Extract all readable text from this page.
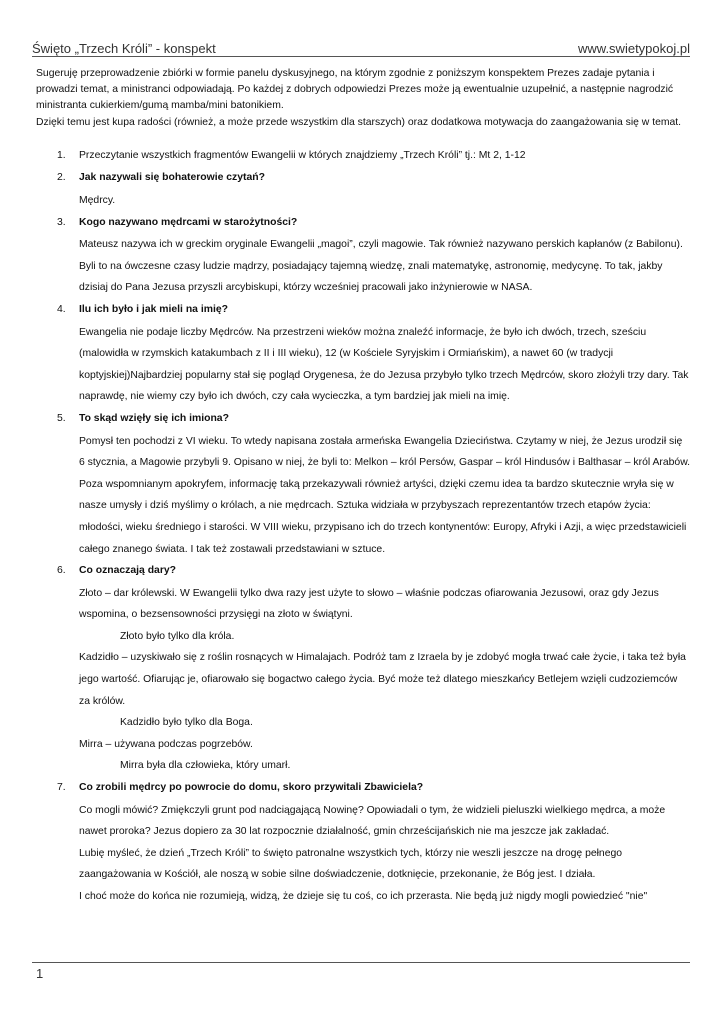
Święto „Trzech Króli” - konspekt	www.swietypokoj.pl

Sugeruję przeprowadzenie zbiórki w formie panelu dyskusyjnego, na którym zgodnie z poniższym konspektem Prezes zadaje pytania i prowadzi temat, a ministranci odpowiadają. Po każdej z dobrych odpowiedzi Prezes może ją ewentualnie uzupełnić, a następnie nagrodzić ministranta cukierkiem/gumą mamba/mini batonikiem.

Dzięki temu jest kupa radości (również, a może przede wszystkim dla starszych) oraz dodatkowa motywacja do zaangażowania się w temat.

1. Przeczytanie wszystkich fragmentów Ewangelii w których znajdziemy „Trzech Króli” tj.: Mt 2, 1-12
2. Jak nazywali się bohaterowie czytań?

Mędrcy.

3. Kogo nazywano mędrcami w starożytności?

Mateusz nazywa ich w greckim oryginale Ewangelii „magoi”, czyli magowie. Tak również nazywano perskich kapłanów (z Babilonu). Byli to na ówczesne czasy ludzie mądrzy, posiadający tajemną wiedzę, znali matematykę, astronomię, medycynę. To tak, jakby dzisiaj do Pana Jezusa przyszli arcybiskupi, którzy wcześniej pracowali jako inżynierowie w NASA.

4. Ilu ich było i jak mieli na imię?

Ewangelia nie podaje liczby Mędrców. Na przestrzeni wieków można znaleźć informacje, że było ich dwóch, trzech, sześciu (malowidła w rzymskich katakumbach z II i III wieku), 12 (w Kościele Syryjskim i Ormiańskim), a nawet 60 (w tradycji koptyjskiej)Najbardziej popularny stał się pogląd Orygenesa, że do Jezusa przybyło tylko trzech Mędrców, skoro złożyli trzy dary. Tak naprawdę, nie wiemy czy było ich dwóch, czy cała wycieczka, a tym bardziej jak mieli na imię.

5. To skąd wzięły się ich imiona?

Pomysł ten pochodzi z VI wieku. To wtedy napisana została armeńska Ewangelia Dzieciństwa. Czytamy w niej, że Jezus urodził się 6 stycznia, a Magowie przybyli 9. Opisano w niej, że byli to: Melkon – król Persów, Gaspar – król Hindusów i Balthasar – król Arabów. Poza wspomnianym apokryfem, informację taką przekazywali również artyści, dzięki czemu idea ta bardzo skutecznie wryła się w nasze umysły i dziś myślimy o królach, a nie mędrcach. Sztuka widziała w przybyszach reprezentantów trzech etapów życia: młodości, wieku średniego i starości. W VIII wieku, przypisano ich do trzech kontynentów: Europy, Afryki i Azji, a więc przedstawicieli całego znanego świata. I tak też zostawali przedstawiani w sztuce.

6. Co oznaczają dary?

Złoto – dar królewski. W Ewangelii tylko dwa razy jest użyte to słowo – właśnie podczas ofiarowania Jezusowi, oraz gdy Jezus wspomina, o bezsensowności przysięgi na złoto w świątyni.

Złoto było tylko dla króla.

Kadzidło – uzyskiwało się z roślin rosnących w Himalajach. Podróż tam z Izraela by je zdobyć mogła trwać całe życie, i taka też była jego wartość. Ofiarując je, ofiarowało się bogactwo całego życia. Być może też dlatego mieszkańcy Betlejem wzięli cudzoziemców za królów.

Kadzidło było tylko dla Boga.

Mirra – używana podczas pogrzebów.

Mirra była dla człowieka, który umarł.

7. Co zrobili mędrcy po powrocie do domu, skoro przywitali Zbawiciela?

Co mogli mówić? Zmiękczyli grunt pod nadciągającą Nowinę? Opowiadali o tym, że widzieli pieluszki wielkiego mędrca, a może nawet proroka? Jezus dopiero za 30 lat rozpocznie działalność, gmin chrześcijańskich nie ma jeszcze jak zakładać.

Lubię myśleć, że dzień „Trzech Króli” to święto patronalne wszystkich tych, którzy nie weszli jeszcze na drogę pełnego zaangażowania w Kościół, ale noszą w sobie silne doświadczenie, dotknięcie, przekonanie, że Bóg jest. I działa.

I choć może do końca nie rozumieją, widzą, że dzieje się tu coś, co ich przerasta. Nie będą już nigdy mogli powiedzieć "nie"

1
